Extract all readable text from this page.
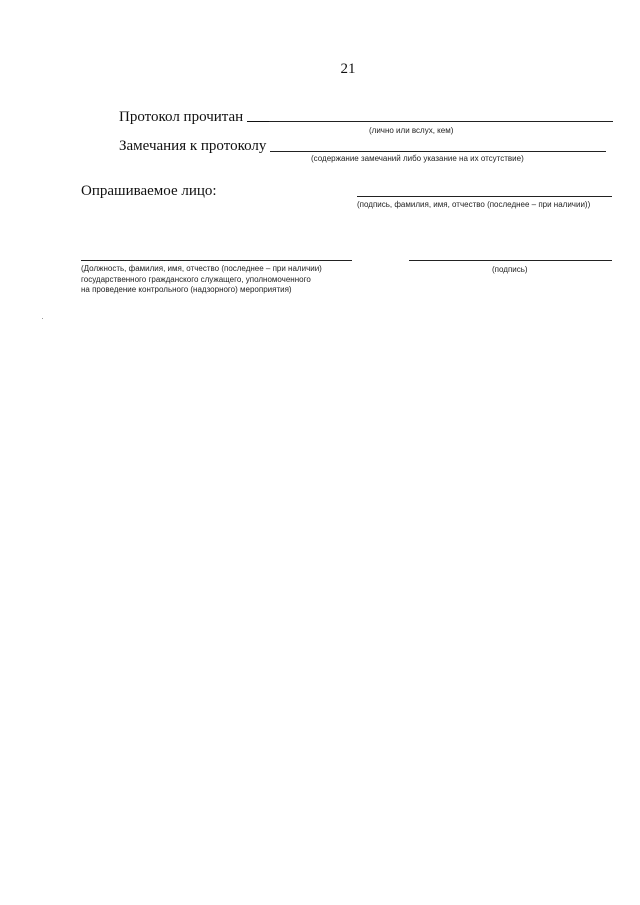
21
Протокол прочитан
(лично или вслух, кем)
Замечания к протоколу
(содержание замечаний либо указание на их отсутствие)
Опрашиваемое лицо:
(подпись, фамилия, имя, отчество (последнее – при наличии))
(Должность, фамилия, имя, отчество (последнее – при наличии)
государственного гражданского служащего, уполномоченного
на проведение контрольного (надзорного) мероприятия)
(подпись)
